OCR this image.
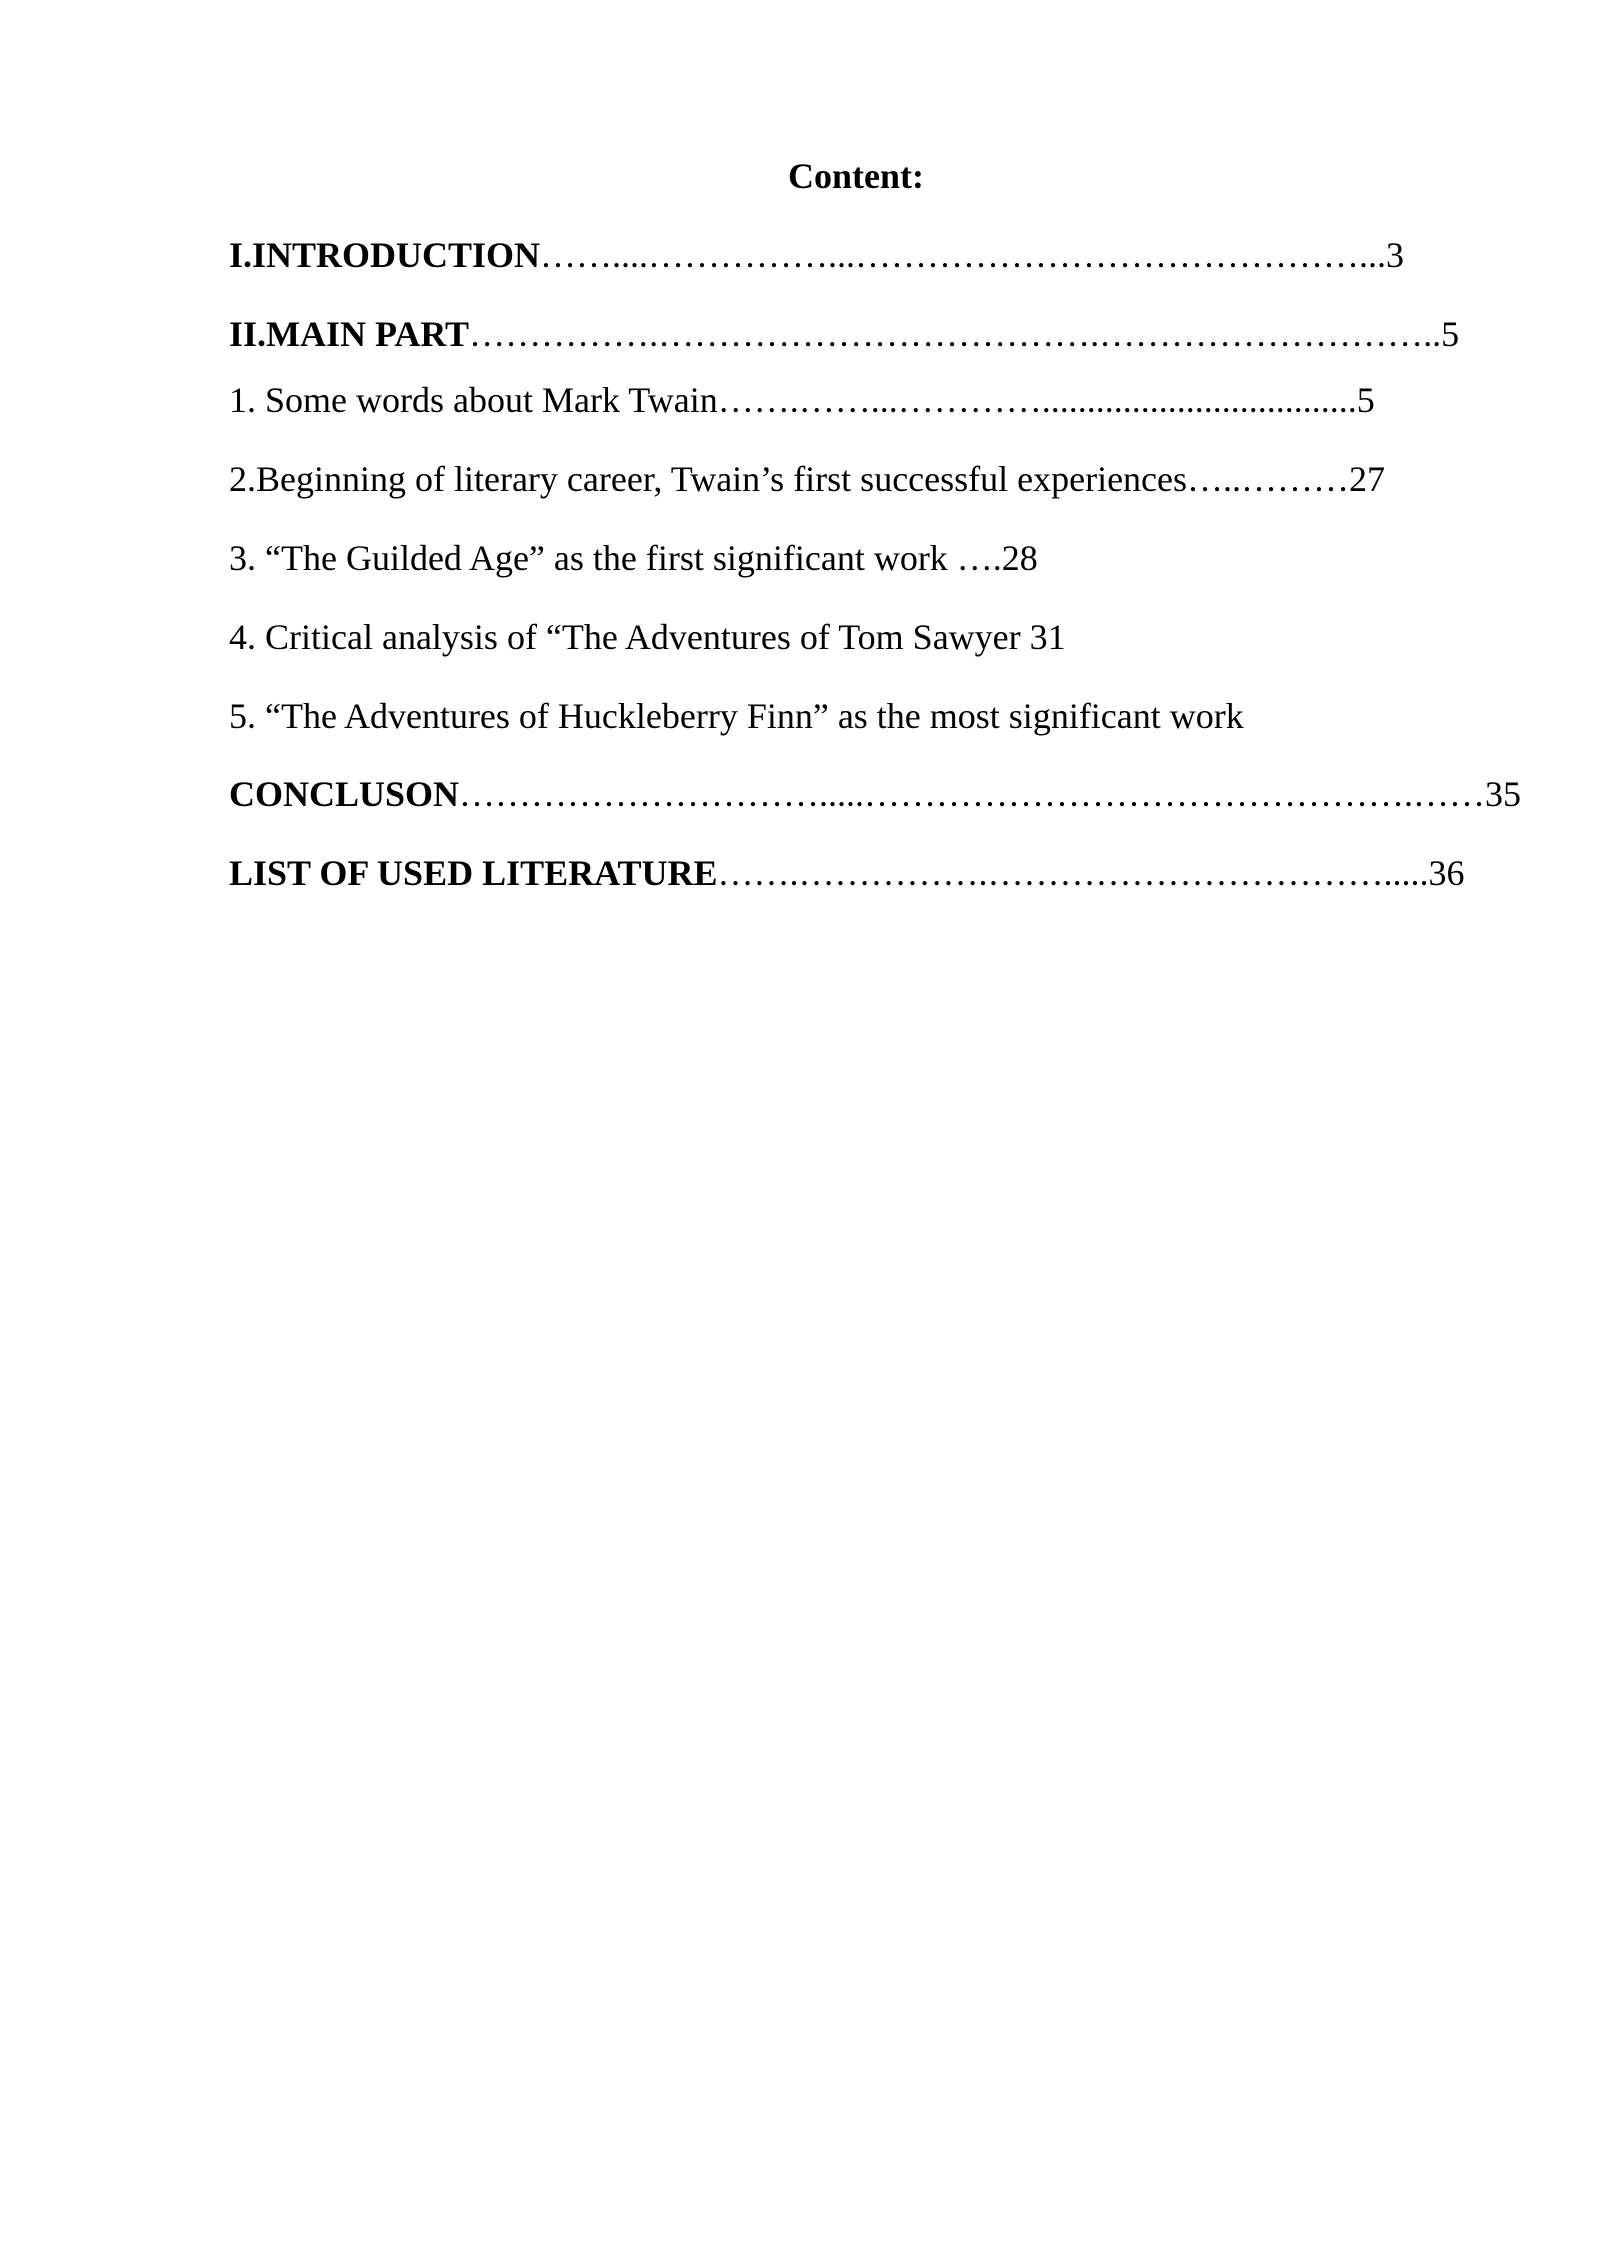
Content:
I.INTRODUCTION……....……………...……………………………………...3
II.MAIN PART…………….……………………………….………………………..5
1. Some words about Mark Twain…….……...…………...................................5
2.Beginning of literary career, Twain’s first successful experiences…..………27
3. “The Guilded Age” as the first significant work ….28
4. Critical analysis of “The Adventures of Tom Sawyer 31
5. “The Adventures of Huckleberry Finn” as the most significant work
CONCLUSON………………………….....……………………………………….……35
LIST OF USED LITERATURE…….…………….…………………………….....36
